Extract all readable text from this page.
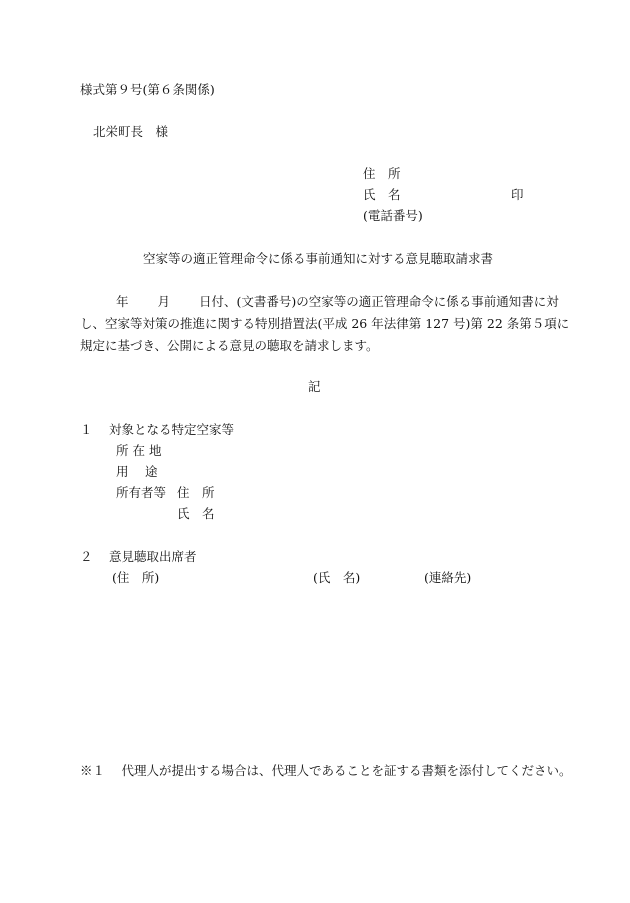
様式第９号(第６条関係)
北栄町長　様
住　所
氏　名	印
(電話番号)
空家等の適正管理命令に係る事前通知に対する意見聴取請求書
年　　 月　　 日付、(文書番号)の空家等の適正管理命令に係る事前通知書に対
し、空家等対策の推進に関する特別措置法(平成 26 年法律第 127 号)第 22 条第５項に
規定に基づき、公開による意見の聴取を請求します。
記
１　 対象となる特定空家等
所 在 地
用　 途
所有者等 住　所
氏　名
２　 意見聴取出席者
(住　所)	(氏　名)	(連絡先)
※１　 代理人が提出する場合は、代理人であることを証する書類を添付してください。
